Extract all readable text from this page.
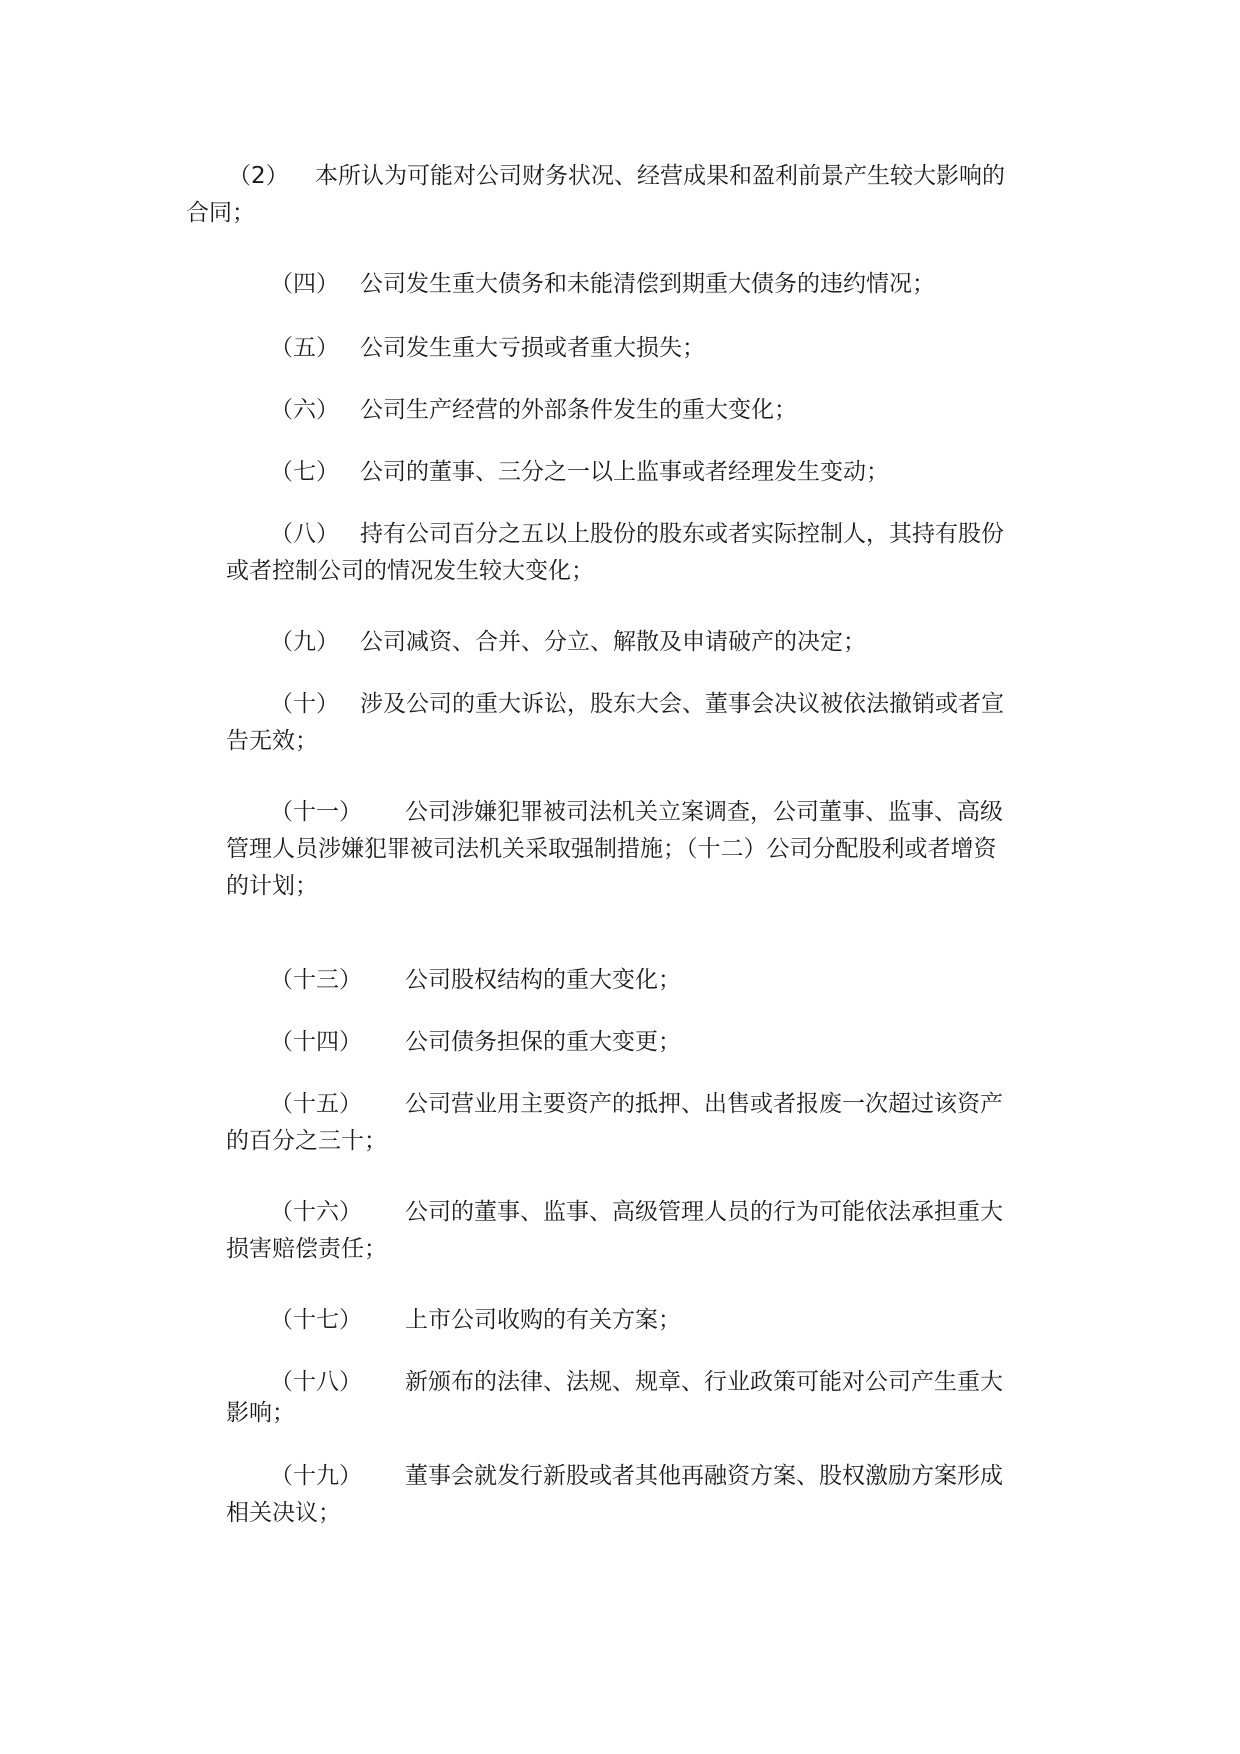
（2） 本所认为可能对公司财务状况、经营成果和盈利前景产生较大影响的
合同；

（四） 公司发生重大债务和未能清偿到期重大债务的违约情况；

（五） 公司发生重大亏损或者重大损失；

（六） 公司生产经营的外部条件发生的重大变化；

（七） 公司的董事、三分之一以上监事或者经理发生变动；

（八） 持有公司百分之五以上股份的股东或者实际控制人，其持有股份
或者控制公司的情况发生较大变化；

（九） 公司减资、合并、分立、解散及申请破产的决定；

（十） 涉及公司的重大诉讼，股东大会、董事会决议被依法撤销或者宣
告无效；

（十一） 公司涉嫌犯罪被司法机关立案调查，公司董事、监事、高级
管理人员涉嫌犯罪被司法机关采取强制措施；（十二）公司分配股利或者增资
的计划；

（十三） 公司股权结构的重大变化；

（十四） 公司债务担保的重大变更；

（十五） 公司营业用主要资产的抵押、出售或者报废一次超过该资产
的百分之三十；

（十六） 公司的董事、监事、高级管理人员的行为可能依法承担重大
损害赔偿责任；

（十七） 上市公司收购的有关方案；

（十八） 新颁布的法律、法规、规章、行业政策可能对公司产生重大
影响；

（十九） 董事会就发行新股或者其他再融资方案、股权激励方案形成
相关决议；
